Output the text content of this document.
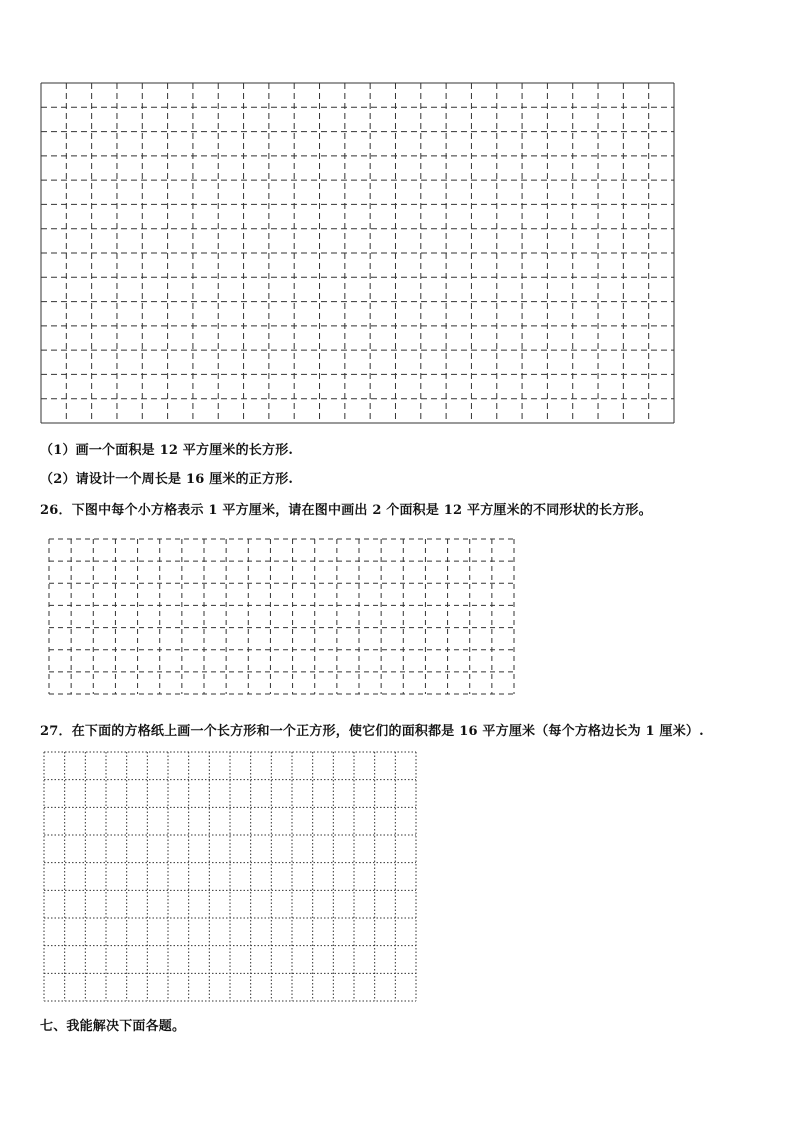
（1）画一个面积是 12 平方厘米的长方形.
（2）请设计一个周长是 16 厘米的正方形.
26．下图中每个小方格表示 1 平方厘米，请在图中画出 2 个面积是 12 平方厘米的不同形状的长方形。
27．在下面的方格纸上画一个长方形和一个正方形，使它们的面积都是 16 平方厘米（每个方格边长为 1 厘米）.
七、我能解决下面各题。
